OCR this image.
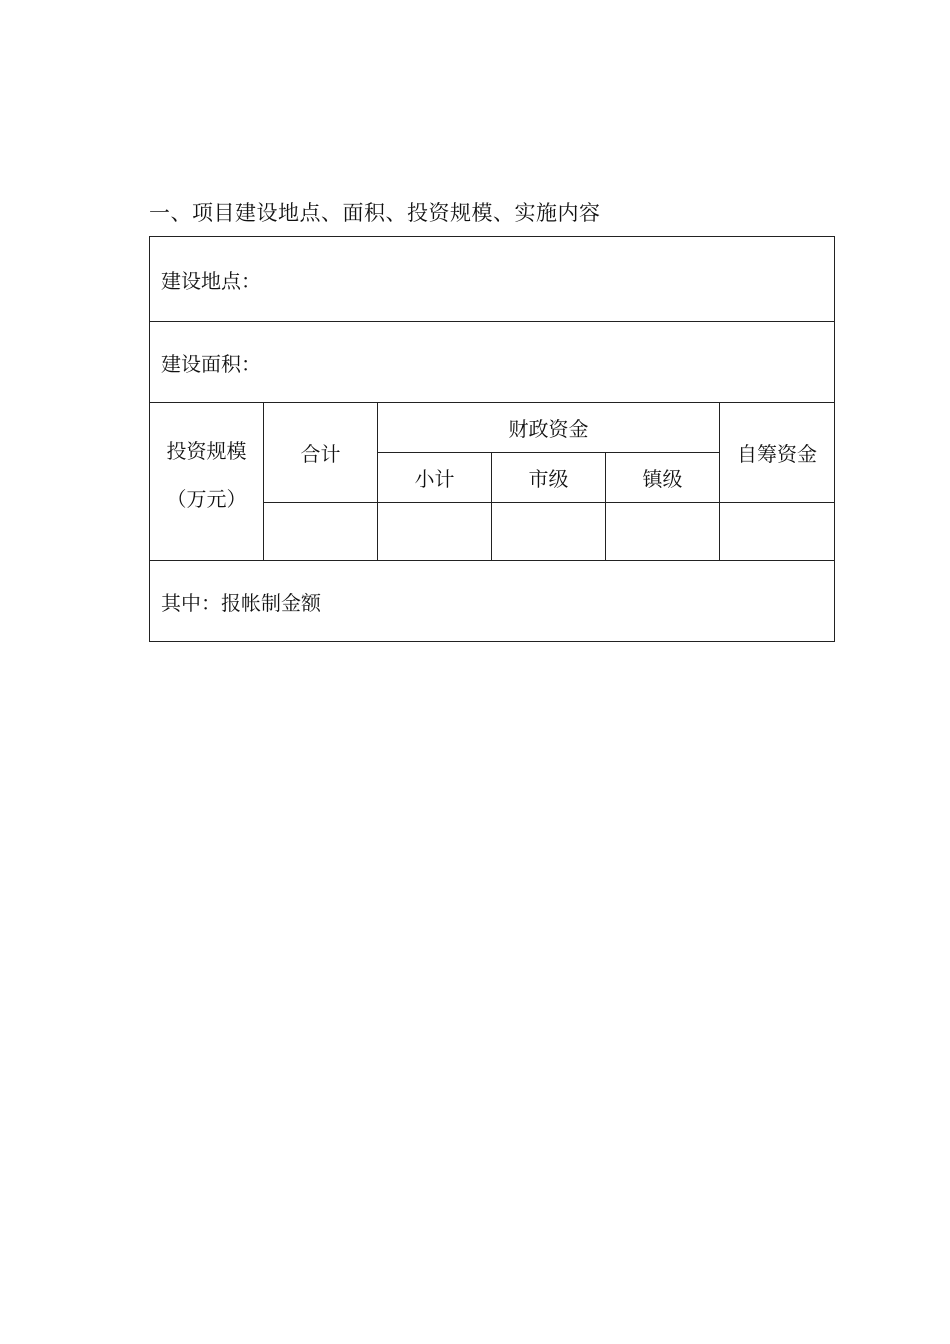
一、项目建设地点、面积、投资规模、实施内容
建设地点：					
建设面积：					

投资规模
（万元）	合计	财政资金			自筹资金
		小计	市级	镇级	

其中：报帐制金额					
